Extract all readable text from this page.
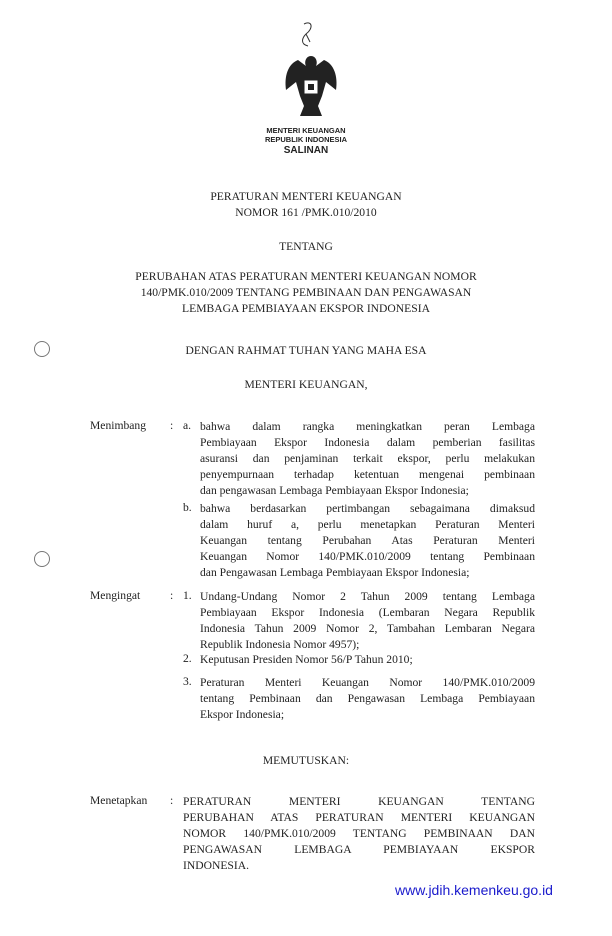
MENTERI KEUANGAN
REPUBLIK INDONESIA
SALINAN
PERATURAN MENTERI KEUANGAN
NOMOR 161 /PMK.010/2010
TENTANG
PERUBAHAN ATAS PERATURAN MENTERI KEUANGAN NOMOR
140/PMK.010/2009 TENTANG PEMBINAAN DAN PENGAWASAN
LEMBAGA PEMBIAYAAN EKSPOR INDONESIA
DENGAN RAHMAT TUHAN YANG MAHA ESA
MENTERI KEUANGAN,
Menimbang : a. bahwa dalam rangka meningkatkan peran Lembaga
Pembiayaan Ekspor Indonesia dalam pemberian fasilitas
asuransi dan penjaminan terkait ekspor, perlu melakukan
penyempurnaan terhadap ketentuan mengenai pembinaan
dan pengawasan Lembaga Pembiayaan Ekspor Indonesia;
b. bahwa berdasarkan pertimbangan sebagaimana dimaksud
dalam huruf a, perlu menetapkan Peraturan Menteri
Keuangan tentang Perubahan Atas Peraturan Menteri
Keuangan Nomor 140/PMK.010/2009 tentang Pembinaan
dan Pengawasan Lembaga Pembiayaan Ekspor Indonesia;
Mengingat	: 1. Undang-Undang Nomor 2 Tahun 2009 tentang Lembaga
Pembiayaan Ekspor Indonesia (Lembaran Negara Republik
Indonesia Tahun 2009 Nomor 2, Tambahan Lembaran Negara
Republik Indonesia Nomor 4957);
2. Keputusan Presiden Nomor 56/P Tahun 2010;
3. Peraturan Menteri Keuangan Nomor 140/PMK.010/2009
tentang Pembinaan dan Pengawasan Lembaga Pembiayaan
Ekspor Indonesia;
MEMUTUSKAN:
Menetapkan : PERATURAN MENTERI KEUANGAN TENTANG
PERUBAHAN ATAS PERATURAN MENTERI KEUANGAN
NOMOR 140/PMK.010/2009 TENTANG PEMBINAAN DAN
PENGAWASAN LEMBAGA PEMBIAYAAN EKSPOR
INDONESIA.
www.jdih.kemenkeu.go.id
